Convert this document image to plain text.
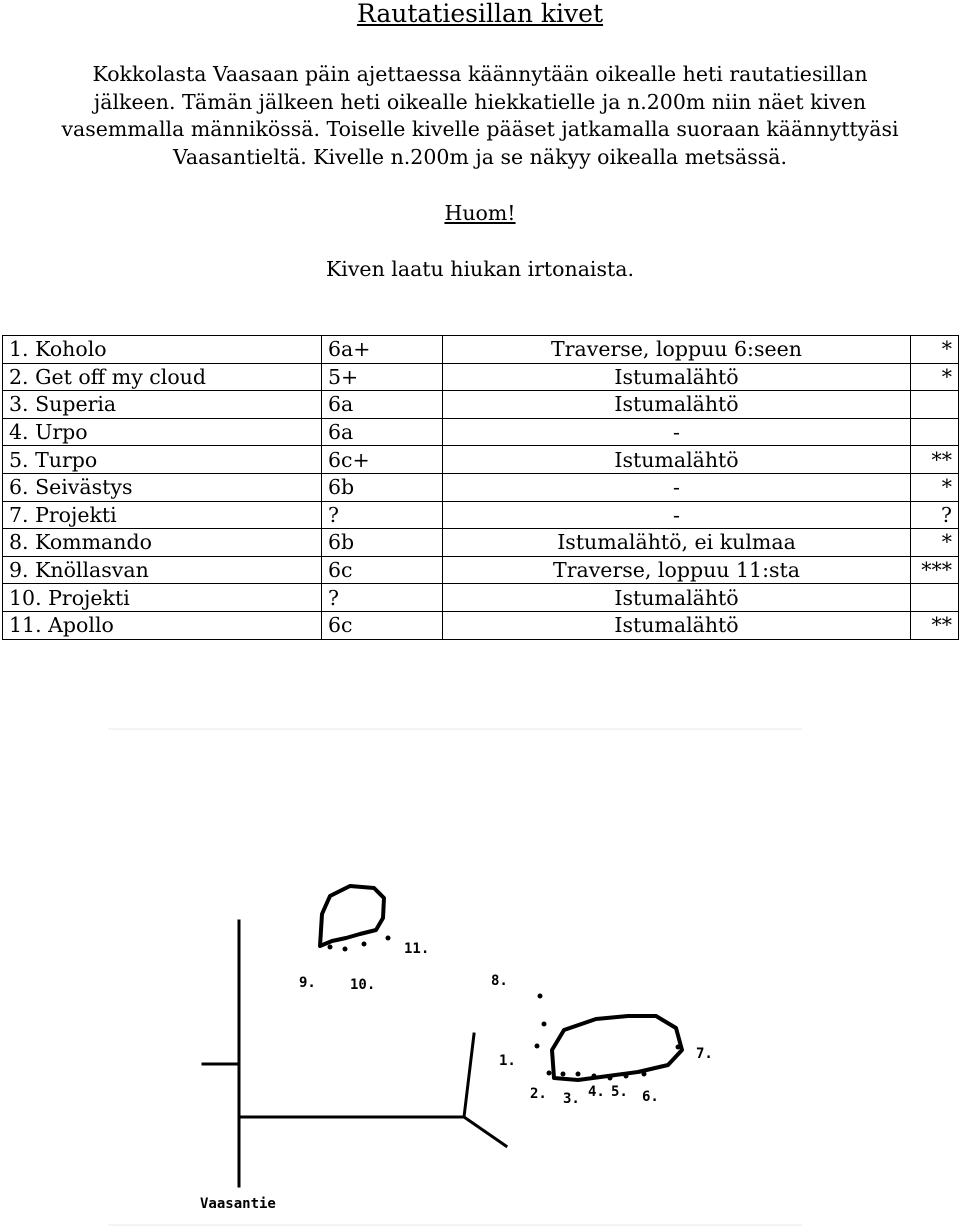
Rautatiesillan kivet
Kokkolasta Vaasaan päin ajettaessa käännytään oikealle heti rautatiesillan
jälkeen. Tämän jälkeen heti oikealle hiekkatielle ja n.200m niin näet kiven
vasemmalla männikössä. Toiselle kivelle pääset jatkamalla suoraan käännyttyäsi
Vaasantieltä. Kivelle n.200m ja se näkyy oikealla metsässä.
Huom!
Kiven laatu hiukan irtonaista.
1. Koholo	6a+	Traverse, loppuu 6:seen	*
2. Get off my cloud	5+	Istumalähtö	*
3. Superia	6a	Istumalähtö	
4. Urpo	6a	-	
5. Turpo	6c+	Istumalähtö	**
6. Seivästys	6b	-	*
7. Projekti	?	-	?
8. Kommando	6b	Istumalähtö, ei kulmaa	*
9. Knöllasvan	6c	Traverse, loppuu 11:sta	***
10. Projekti	?	Istumalähtö	
11. Apollo	6c	Istumalähtö	**
11.
9. 10.	8.
1.	7.
2. 3. 4. 5. 6.
Vaasantie
